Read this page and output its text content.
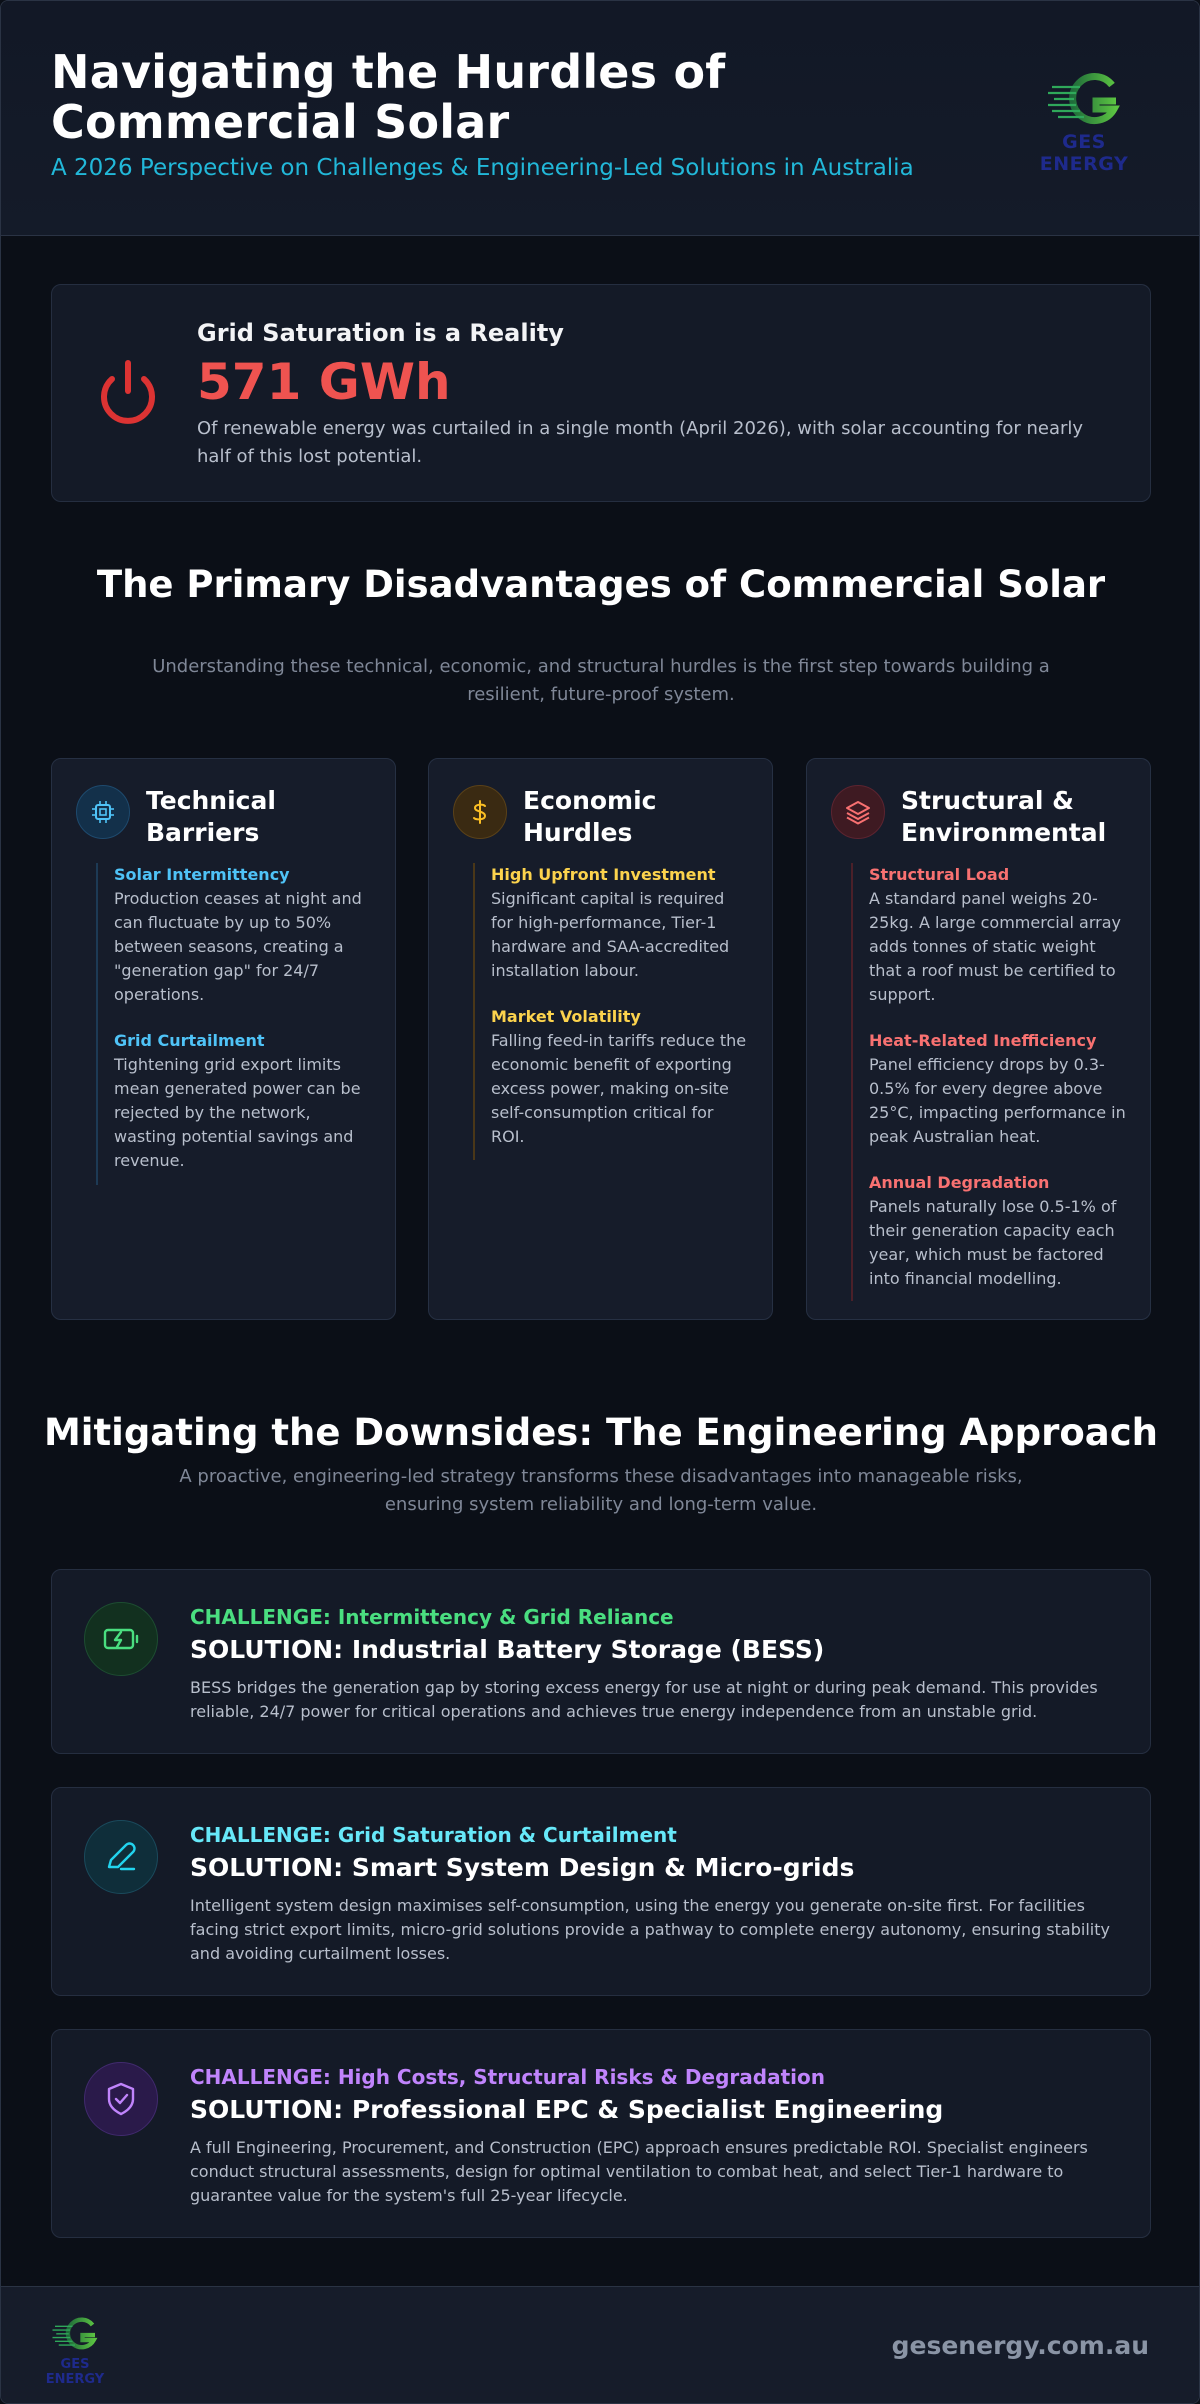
Navigating the Hurdles of Commercial Solar
A 2026 Perspective on Challenges & Engineering-Led Solutions in Australia
GES ENERGY
Grid Saturation is a Reality
571 GWh
Of renewable energy was curtailed in a single month (April 2026), with solar accounting for nearly half of this lost potential.
The Primary Disadvantages of Commercial Solar
Understanding these technical, economic, and structural hurdles is the first step towards building a resilient, future-proof system.
Technical Barriers
Solar Intermittency
Production ceases at night and can fluctuate by up to 50% between seasons, creating a "generation gap" for 24/7 operations.
Grid Curtailment
Tightening grid export limits mean generated power can be rejected by the network, wasting potential savings and revenue.
Economic Hurdles
High Upfront Investment
Significant capital is required for high-performance, Tier-1 hardware and SAA-accredited installation labour.
Market Volatility
Falling feed-in tariffs reduce the economic benefit of exporting excess power, making on-site self-consumption critical for ROI.
Structural & Environmental
Structural Load
A standard panel weighs 20-25kg. A large commercial array adds tonnes of static weight that a roof must be certified to support.
Heat-Related Inefficiency
Panel efficiency drops by 0.3-0.5% for every degree above 25°C, impacting performance in peak Australian heat.
Annual Degradation
Panels naturally lose 0.5-1% of their generation capacity each year, which must be factored into financial modelling.
Mitigating the Downsides: The Engineering Approach
A proactive, engineering-led strategy transforms these disadvantages into manageable risks, ensuring system reliability and long-term value.
CHALLENGE: Intermittency & Grid Reliance
SOLUTION: Industrial Battery Storage (BESS)
BESS bridges the generation gap by storing excess energy for use at night or during peak demand. This provides reliable, 24/7 power for critical operations and achieves true energy independence from an unstable grid.
CHALLENGE: Grid Saturation & Curtailment
SOLUTION: Smart System Design & Micro-grids
Intelligent system design maximises self-consumption, using the energy you generate on-site first. For facilities facing strict export limits, micro-grid solutions provide a pathway to complete energy autonomy, ensuring stability and avoiding curtailment losses.
CHALLENGE: High Costs, Structural Risks & Degradation
SOLUTION: Professional EPC & Specialist Engineering
A full Engineering, Procurement, and Construction (EPC) approach ensures predictable ROI. Specialist engineers conduct structural assessments, design for optimal ventilation to combat heat, and select Tier-1 hardware to guarantee value for the system's full 25-year lifecycle.
GES ENERGY
gesenergy.com.au
